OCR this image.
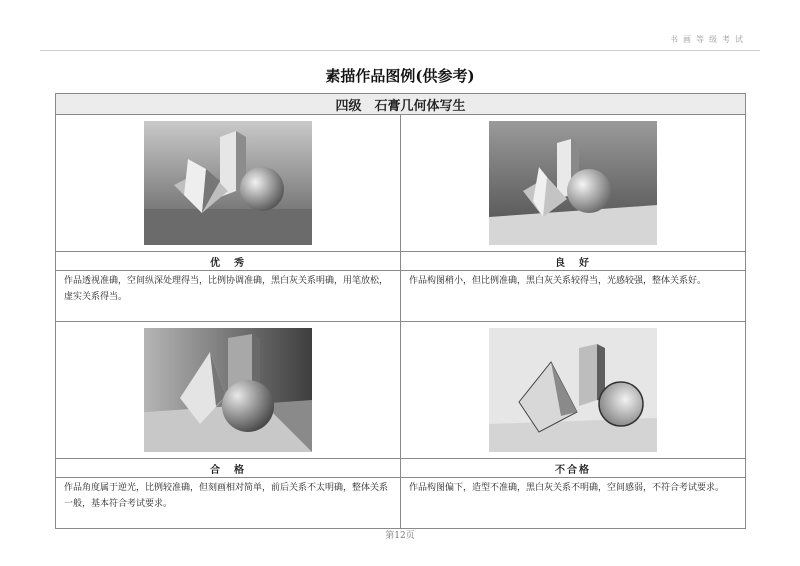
书画等级考试
素描作品图例(供参考)
四级　石膏几何体写生	

优　秀	良　好
作品透视准确，空间纵深处理得当，比例协调准确，黑白灰关系明确，用笔放松，虚实关系得当。	作品构图稍小，但比例准确，黑白灰关系较得当，光感较强，整体关系好。

合　格	不合格
作品角度属于逆光，比例较准确，但刻画相对简单，前后关系不太明确，整体关系一般，基本符合考试要求。	作品构图偏下，造型不准确，黑白灰关系不明确，空间感弱，不符合考试要求。
第12页
